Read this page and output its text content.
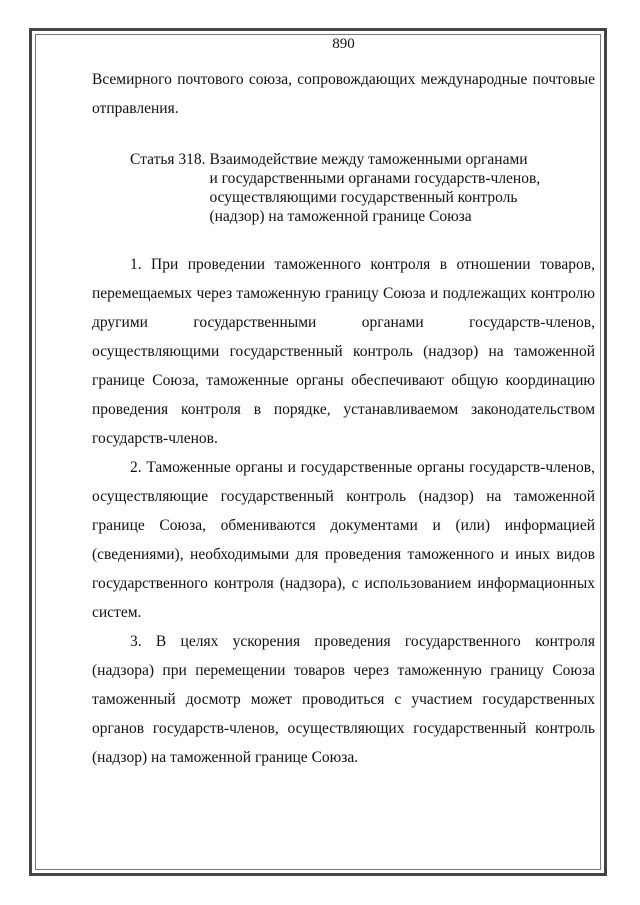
890

Всемирного почтового союза, сопровождающих международные почтовые отправления.

Статья 318. Взаимодействие между таможенными органами
и государственными органами государств-членов,
осуществляющими государственный контроль
(надзор) на таможенной границе Союза

1. При проведении таможенного контроля в отношении товаров, перемещаемых через таможенную границу Союза и подлежащих контролю другими государственными органами государств-членов, осуществляющими государственный контроль (надзор) на таможенной границе Союза, таможенные органы обеспечивают общую координацию проведения контроля в порядке, устанавливаемом законодательством государств-членов.

2. Таможенные органы и государственные органы государств-членов, осуществляющие государственный контроль (надзор) на таможенной границе Союза, обмениваются документами и (или) информацией (сведениями), необходимыми для проведения таможенного и иных видов государственного контроля (надзора), с использованием информационных систем.

3. В целях ускорения проведения государственного контроля (надзора) при перемещении товаров через таможенную границу Союза таможенный досмотр может проводиться с участием государственных органов государств-членов, осуществляющих государственный контроль (надзор) на таможенной границе Союза.
